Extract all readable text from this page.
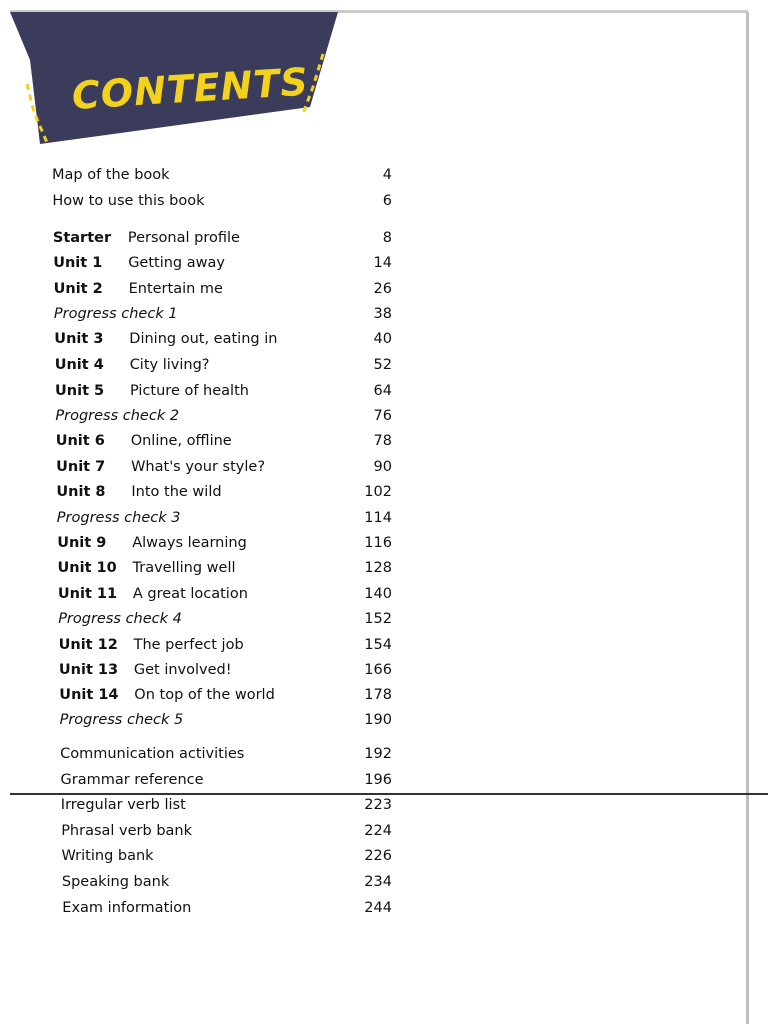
CONTENTS
Map of the book	4
How to use this book	6
Starter Personal profile	8
Unit 1 Getting away	14
Unit 2 Entertain me	26
Progress check 1	38
Unit 3 Dining out, eating in	40
Unit 4 City living?	52
Unit 5 Picture of health	64
Progress check 2	76
Unit 6 Online, offline	78
Unit 7 What's your style?	90
Unit 8 Into the wild	102
Progress check 3	114
Unit 9 Always learning	116
Unit 10 Travelling well	128
Unit 11 A great location	140
Progress check 4	152
Unit 12 The perfect job	154
Unit 13 Get involved!	166
Unit 14 On top of the world	178
Progress check 5	190
Communication activities	192
Grammar reference	196
Irregular verb list	223
Phrasal verb bank	224
Writing bank	226
Speaking bank	234
Exam information	244
